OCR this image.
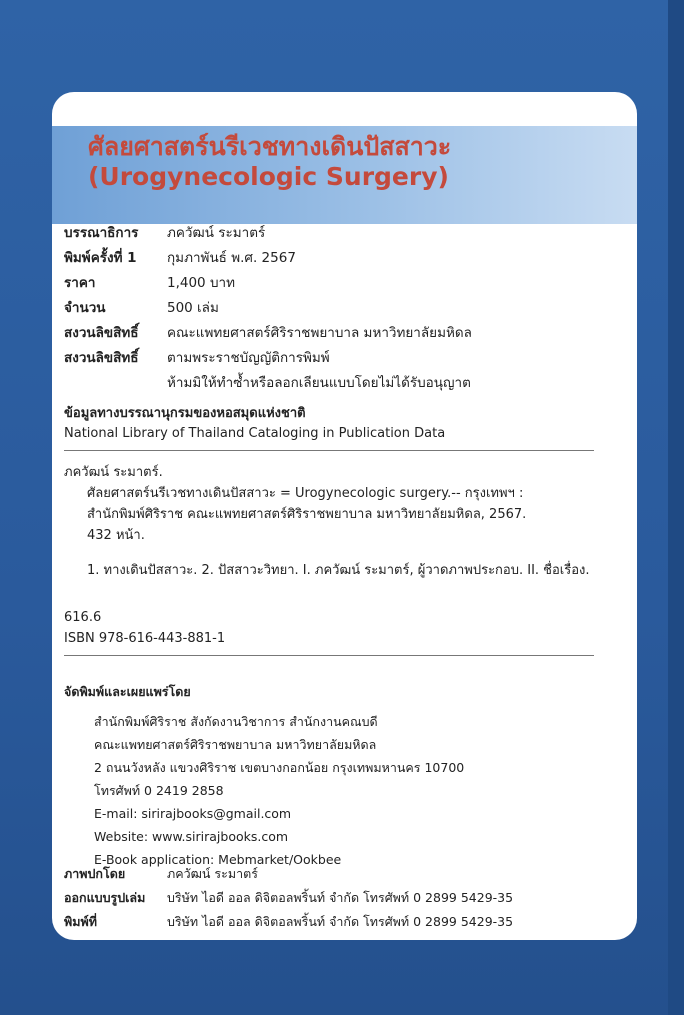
ศัลยศาสตร์นรีเวชทางเดินปัสสาวะ
(Urogynecologic Surgery)
บรรณาธิการ	ภควัฒน์ ระมาตร์
พิมพ์ครั้งที่ 1	กุมภาพันธ์ พ.ศ. 2567
ราคา	1,400 บาท
จำนวน	500 เล่ม
สงวนลิขสิทธิ์	คณะแพทยศาสตร์ศิริราชพยาบาล มหาวิทยาลัยมหิดล
สงวนลิขสิทธิ์	ตามพระราชบัญญัติการพิมพ์
ห้ามมิให้ทำซ้ำหรือลอกเลียนแบบโดยไม่ได้รับอนุญาต
ข้อมูลทางบรรณานุกรมของหอสมุดแห่งชาติ
National Library of Thailand Cataloging in Publication Data
ภควัฒน์ ระมาตร์.
ศัลยศาสตร์นรีเวชทางเดินปัสสาวะ = Urogynecologic surgery.-- กรุงเทพฯ :
สำนักพิมพ์ศิริราช คณะแพทยศาสตร์ศิริราชพยาบาล มหาวิทยาลัยมหิดล, 2567.
432 หน้า.
1. ทางเดินปัสสาวะ. 2. ปัสสาวะวิทยา. I. ภควัฒน์ ระมาตร์, ผู้วาดภาพประกอบ. II. ชื่อเรื่อง.
616.6
ISBN 978-616-443-881-1
จัดพิมพ์และเผยแพร่โดย
สำนักพิมพ์ศิริราช สังกัดงานวิชาการ สำนักงานคณบดี
คณะแพทยศาสตร์ศิริราชพยาบาล มหาวิทยาลัยมหิดล
2 ถนนวังหลัง แขวงศิริราช เขตบางกอกน้อย กรุงเทพมหานคร 10700
โทรศัพท์ 0 2419 2858
E-mail: sirirajbooks@gmail.com
Website: www.sirirajbooks.com
E-Book application: Mebmarket/Ookbee
ภาพปกโดย	ภควัฒน์ ระมาตร์
ออกแบบรูปเล่ม	บริษัท ไอดี ออล ดิจิตอลพริ้นท์ จำกัด โทรศัพท์ 0 2899 5429-35
พิมพ์ที่	บริษัท ไอดี ออล ดิจิตอลพริ้นท์ จำกัด โทรศัพท์ 0 2899 5429-35
